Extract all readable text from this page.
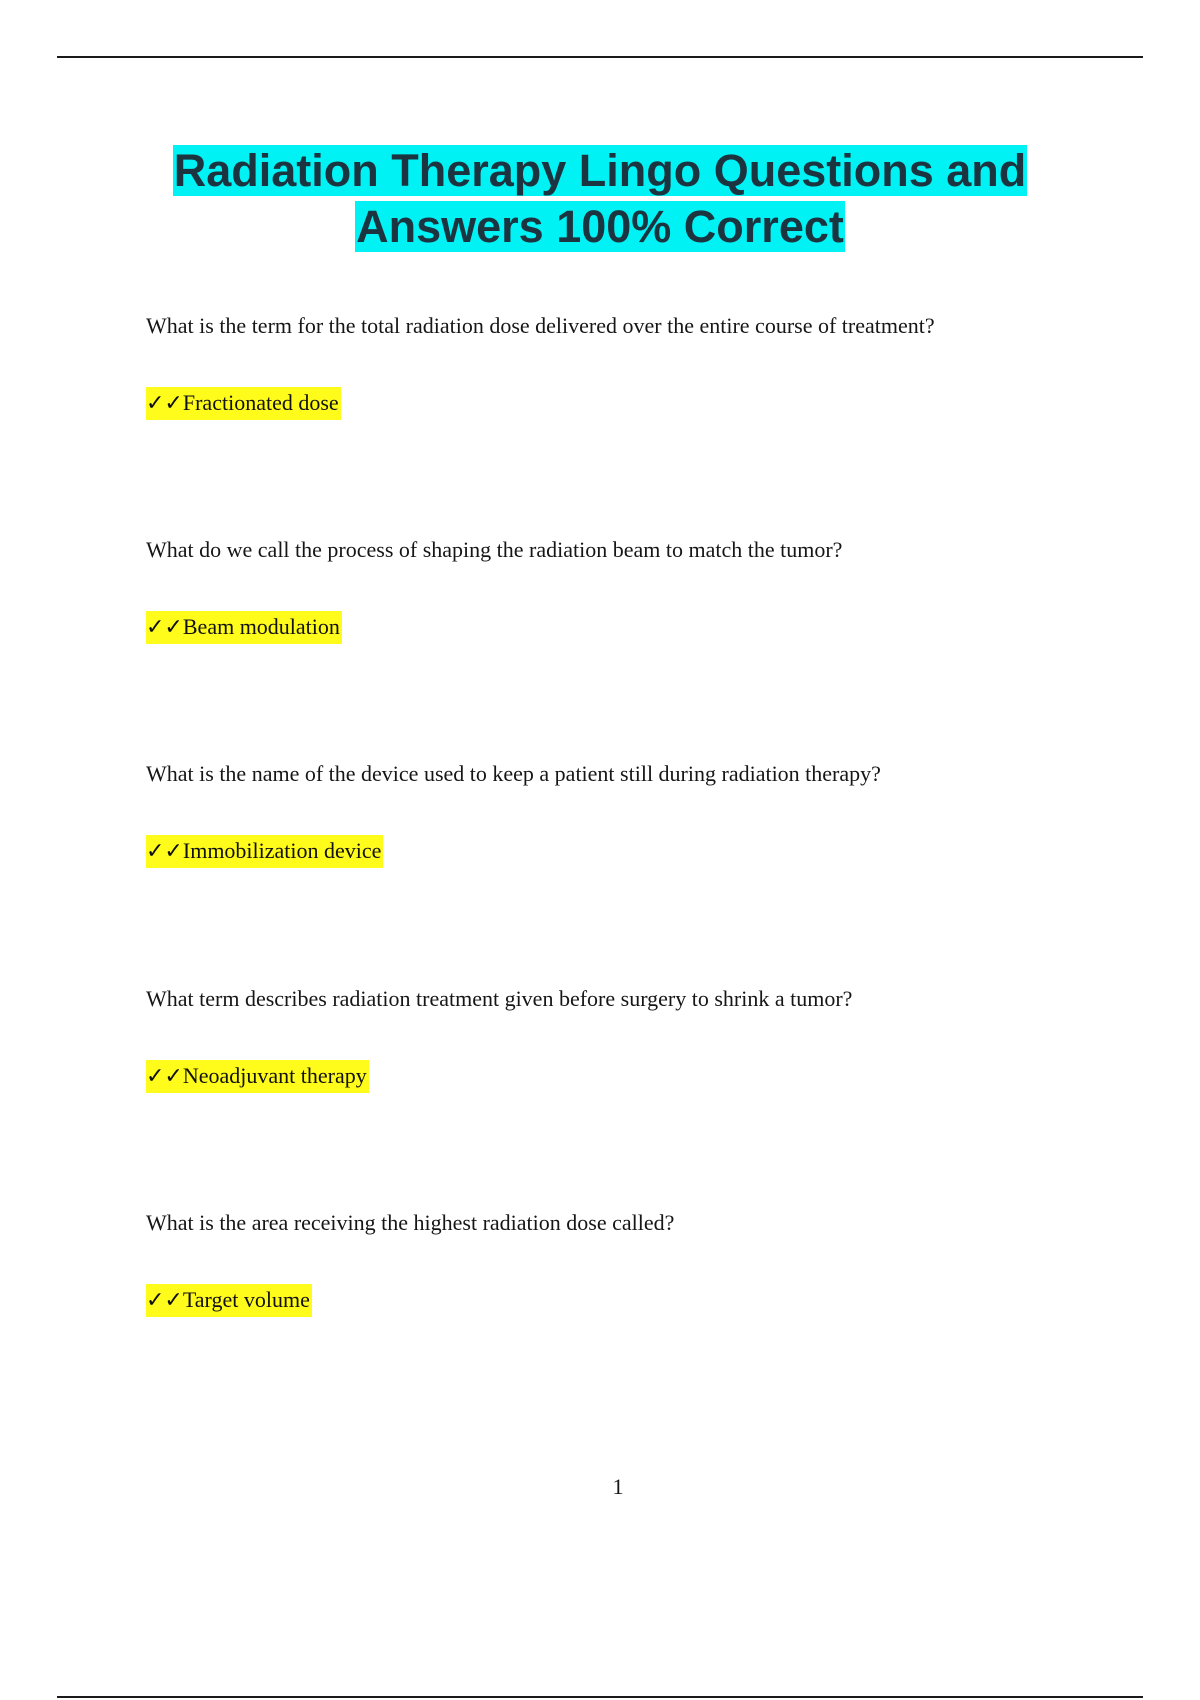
Radiation Therapy Lingo Questions and
Answers 100% Correct

What is the term for the total radiation dose delivered over the entire course of treatment?

✓✓Fractionated dose

What do we call the process of shaping the radiation beam to match the tumor?

✓✓Beam modulation

What is the name of the device used to keep a patient still during radiation therapy?

✓✓Immobilization device

What term describes radiation treatment given before surgery to shrink a tumor?

✓✓Neoadjuvant therapy

What is the area receiving the highest radiation dose called?

✓✓Target volume
1
